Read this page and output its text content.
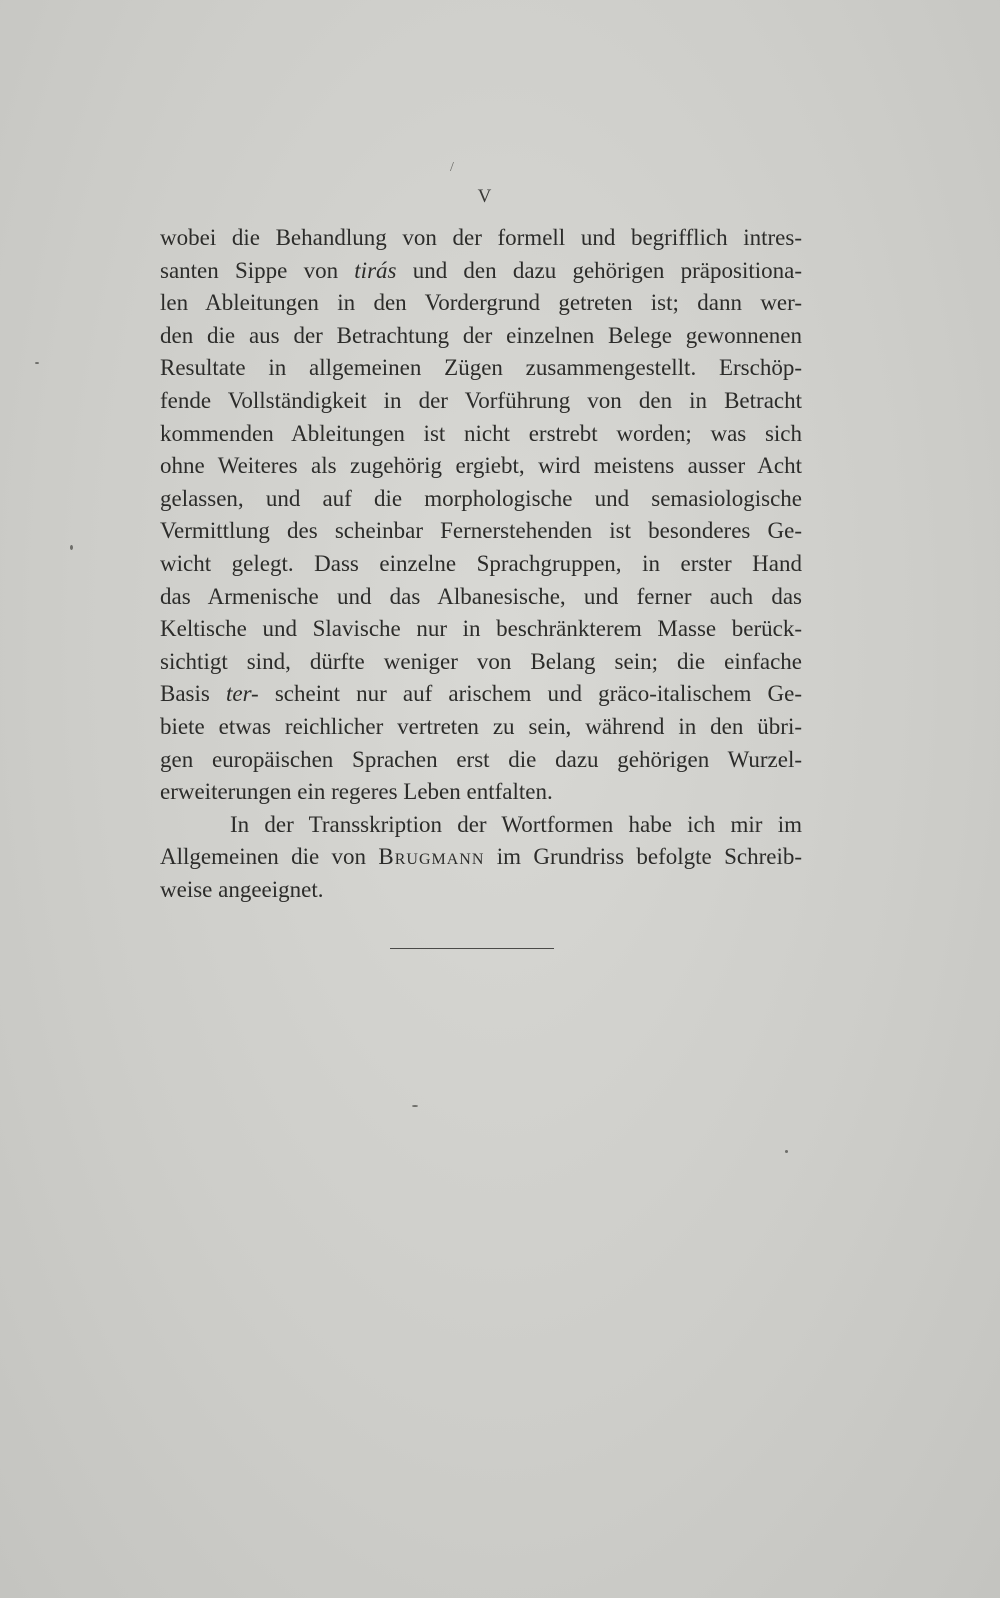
/
V
wobei die Behandlung von der formell und begrifflich intres-
santen Sippe von tirás und den dazu gehörigen präpositiona-
len Ableitungen in den Vordergrund getreten ist; dann wer-
den die aus der Betrachtung der einzelnen Belege gewonnenen
Resultate in allgemeinen Zügen zusammengestellt. Erschöp-
fende Vollständigkeit in der Vorführung von den in Betracht
kommenden Ableitungen ist nicht erstrebt worden; was sich
ohne Weiteres als zugehörig ergiebt, wird meistens ausser Acht
gelassen, und auf die morphologische und semasiologische
Vermittlung des scheinbar Fernerstehenden ist besonderes Ge-
wicht gelegt. Dass einzelne Sprachgruppen, in erster Hand
das Armenische und das Albanesische, und ferner auch das
Keltische und Slavische nur in beschränkterem Masse berück-
sichtigt sind, dürfte weniger von Belang sein; die einfache
Basis ter- scheint nur auf arischem und gräco-italischem Ge-
biete etwas reichlicher vertreten zu sein, während in den übri-
gen europäischen Sprachen erst die dazu gehörigen Wurzel-
erweiterungen ein regeres Leben entfalten.
In der Transskription der Wortformen habe ich mir im
Allgemeinen die von Brugmann im Grundriss befolgte Schreib-
weise angeeignet.
